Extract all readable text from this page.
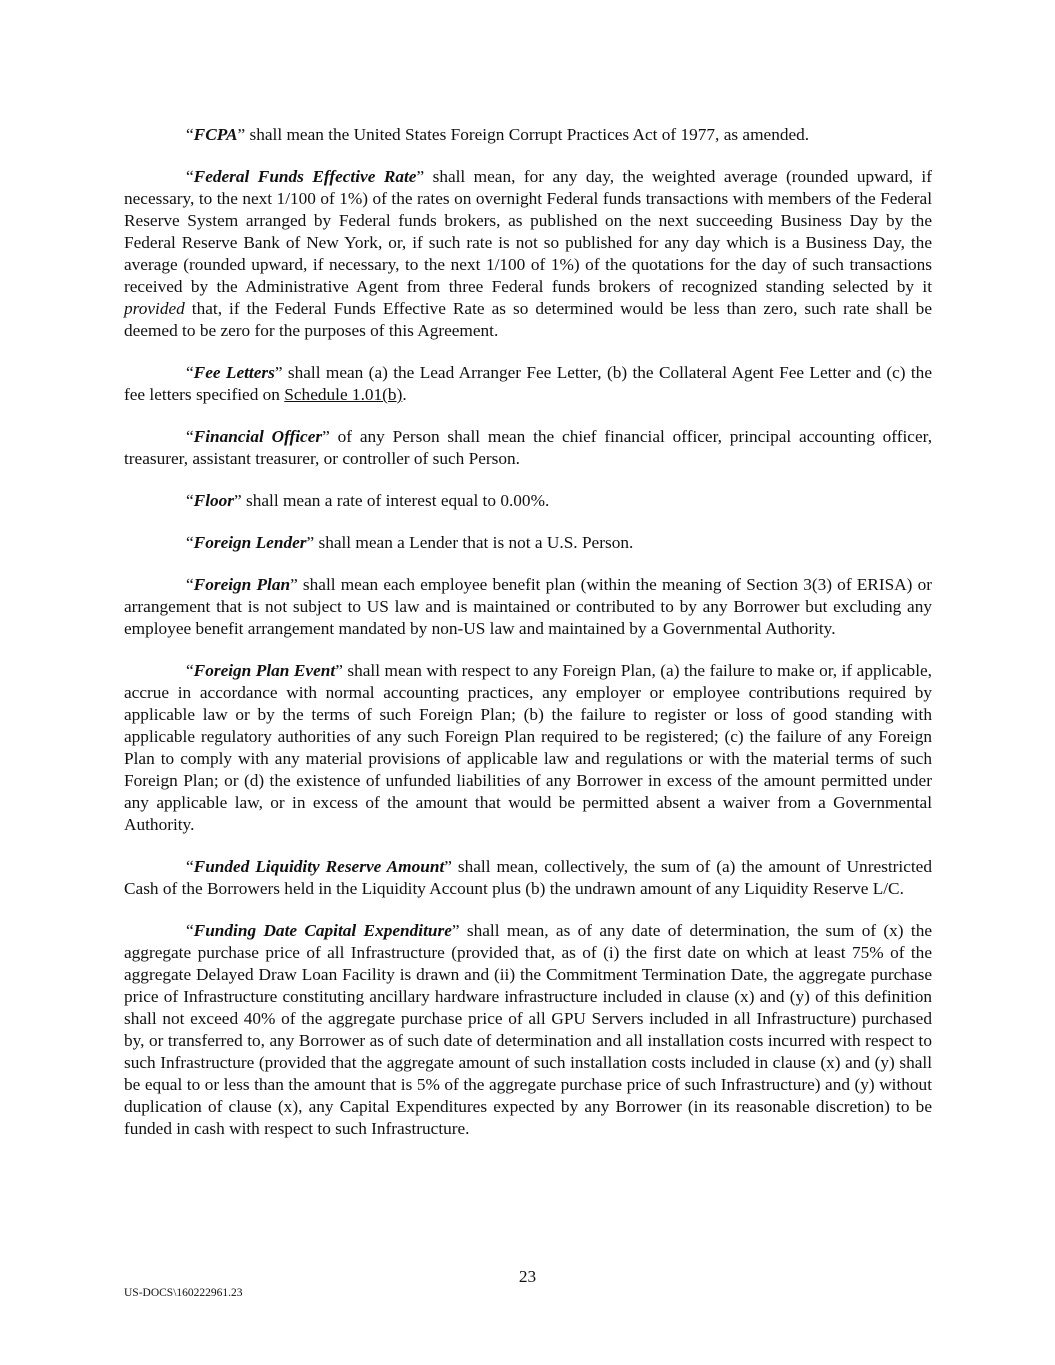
“FCPA” shall mean the United States Foreign Corrupt Practices Act of 1977, as amended.

“Federal Funds Effective Rate” shall mean, for any day, the weighted average (rounded upward, if necessary, to the next 1/100 of 1%) of the rates on overnight Federal funds transactions with members of the Federal Reserve System arranged by Federal funds brokers, as published on the next succeeding Business Day by the Federal Reserve Bank of New York, or, if such rate is not so published for any day which is a Business Day, the average (rounded upward, if necessary, to the next 1/100 of 1%) of the quotations for the day of such transactions received by the Administrative Agent from three Federal funds brokers of recognized standing selected by it provided that, if the Federal Funds Effective Rate as so determined would be less than zero, such rate shall be deemed to be zero for the purposes of this Agreement.

“Fee Letters” shall mean (a) the Lead Arranger Fee Letter, (b) the Collateral Agent Fee Letter and (c) the fee letters specified on Schedule 1.01(b).

“Financial Officer” of any Person shall mean the chief financial officer, principal accounting officer, treasurer, assistant treasurer, or controller of such Person.

“Floor” shall mean a rate of interest equal to 0.00%.

“Foreign Lender” shall mean a Lender that is not a U.S. Person.

“Foreign Plan” shall mean each employee benefit plan (within the meaning of Section 3(3) of ERISA) or arrangement that is not subject to US law and is maintained or contributed to by any Borrower but excluding any employee benefit arrangement mandated by non-US law and maintained by a Governmental Authority.

“Foreign Plan Event” shall mean with respect to any Foreign Plan, (a) the failure to make or, if applicable, accrue in accordance with normal accounting practices, any employer or employee contributions required by applicable law or by the terms of such Foreign Plan; (b) the failure to register or loss of good standing with applicable regulatory authorities of any such Foreign Plan required to be registered; (c) the failure of any Foreign Plan to comply with any material provisions of applicable law and regulations or with the material terms of such Foreign Plan; or (d) the existence of unfunded liabilities of any Borrower in excess of the amount permitted under any applicable law, or in excess of the amount that would be permitted absent a waiver from a Governmental Authority.

“Funded Liquidity Reserve Amount” shall mean, collectively, the sum of (a) the amount of Unrestricted Cash of the Borrowers held in the Liquidity Account plus (b) the undrawn amount of any Liquidity Reserve L/C.

“Funding Date Capital Expenditure” shall mean, as of any date of determination, the sum of (x) the aggregate purchase price of all Infrastructure (provided that, as of (i) the first date on which at least 75% of the aggregate Delayed Draw Loan Facility is drawn and (ii) the Commitment Termination Date, the aggregate purchase price of Infrastructure constituting ancillary hardware infrastructure included in clause (x) and (y) of this definition shall not exceed 40% of the aggregate purchase price of all GPU Servers included in all Infrastructure) purchased by, or transferred to, any Borrower as of such date of determination and all installation costs incurred with respect to such Infrastructure (provided that the aggregate amount of such installation costs included in clause (x) and (y) shall be equal to or less than the amount that is 5% of the aggregate purchase price of such Infrastructure) and (y) without duplication of clause (x), any Capital Expenditures expected by any Borrower (in its reasonable discretion) to be funded in cash with respect to such Infrastructure.

23
US-DOCS\160222961.23
